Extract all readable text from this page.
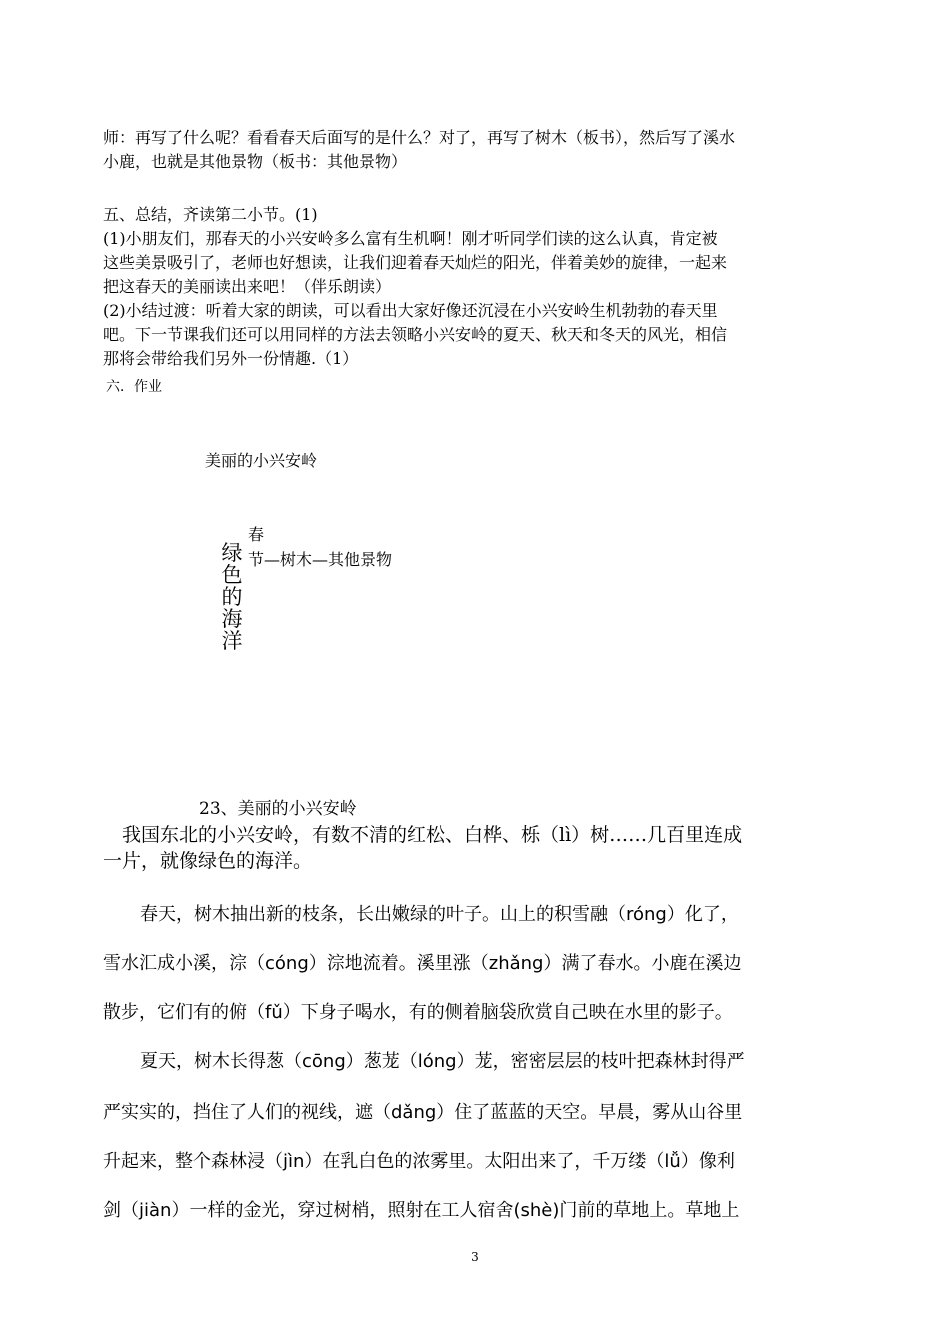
师：再写了什么呢？看看春天后面写的是什么？对了，再写了树木（板书），然后写了溪水

小鹿，也就是其他景物（板书：其他景物）

五、总结，齐读第二小节。(1)

(1)小朋友们，那春天的小兴安岭多么富有生机啊！刚才听同学们读的这么认真，肯定被

这些美景吸引了，老师也好想读，让我们迎着春天灿烂的阳光，伴着美妙的旋律，一起来

把这春天的美丽读出来吧！（伴乐朗读）

(2)小结过渡：听着大家的朗读，可以看出大家好像还沉浸在小兴安岭生机勃勃的春天里

吧。下一节课我们还可以用同样的方法去领略小兴安岭的夏天、秋天和冬天的风光，相信

那将会带给我们另外一份情趣.（1）

六．作业

美丽的小兴安岭

春

节—树木—其他景物

绿
色
的
海
洋

23、美丽的小兴安岭

我国东北的小兴安岭，有数不清的红松、白桦、栎（lì）树……几百里连成

一片，就像绿色的海洋。

春天，树木抽出新的枝条，长出嫩绿的叶子。山上的积雪融（róng）化了，

雪水汇成小溪，淙（cóng）淙地流着。溪里涨（zhǎng）满了春水。小鹿在溪边

散步，它们有的俯（fǔ）下身子喝水，有的侧着脑袋欣赏自己映在水里的影子。

夏天，树木长得葱（cōng）葱茏（lóng）茏，密密层层的枝叶把森林封得严

严实实的，挡住了人们的视线，遮（dǎng）住了蓝蓝的天空。早晨，雾从山谷里

升起来，整个森林浸（jìn）在乳白色的浓雾里。太阳出来了，千万缕（lǚ）像利

剑（jiàn）一样的金光，穿过树梢，照射在工人宿舍(shè)门前的草地上。草地上

3
